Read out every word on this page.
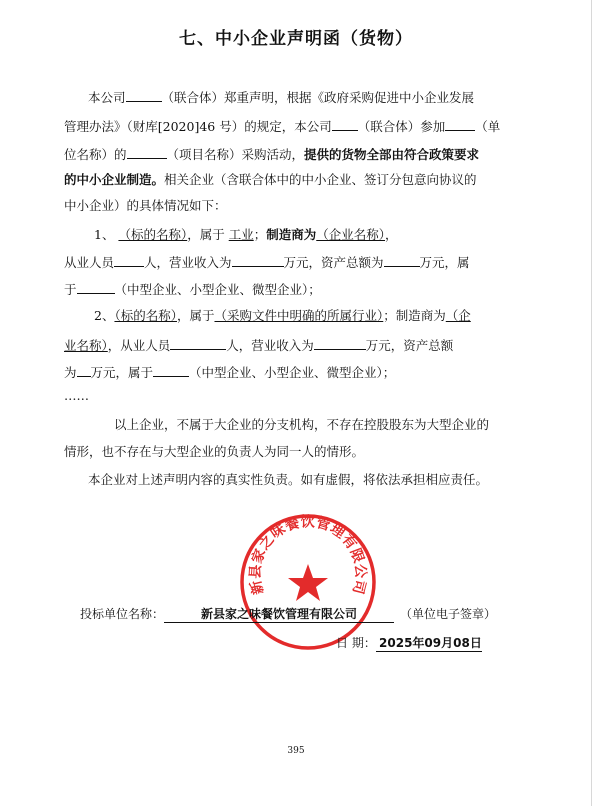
七、中小企业声明函（货物）
本公司	（联合体）郑重声明，根据《政府采购促进中小企业发展
管理办法》（财库[2020]46 号）的规定，本公司 （联合体）参加 （单
位名称）的	（项目名称）采购活动，提供的货物全部由符合政策要求
的中小企业制造。相关企业（含联合体中的中小企业、签订分包意向协议的
中小企业）的具体情况如下：
1、 （标的名称），属于 工业；制造商为（企业名称），
从业人员 人，营业收入为	万元，资产总额为	万元，属
于	（中型企业、小型企业、微型企业）；
2、（标的名称），属于（采购文件中明确的所属行业）；制造商为（企
业名称），从业人员	人，营业收入为	万元，资产总额
为 万元，属于	（中型企业、小型企业、微型企业）；
……
以上企业，不属于大企业的分支机构，不存在控股股东为大型企业的
情形，也不存在与大型企业的负责人为同一人的情形。
本企业对上述声明内容的真实性负责。如有虚假，将依法承担相应责任。
新县家之味餐饮管理有限公司
投标单位名称：	新县家之味餐饮管理有限公司	（单位电子签章）
日 期： 2025年09月08日
395
